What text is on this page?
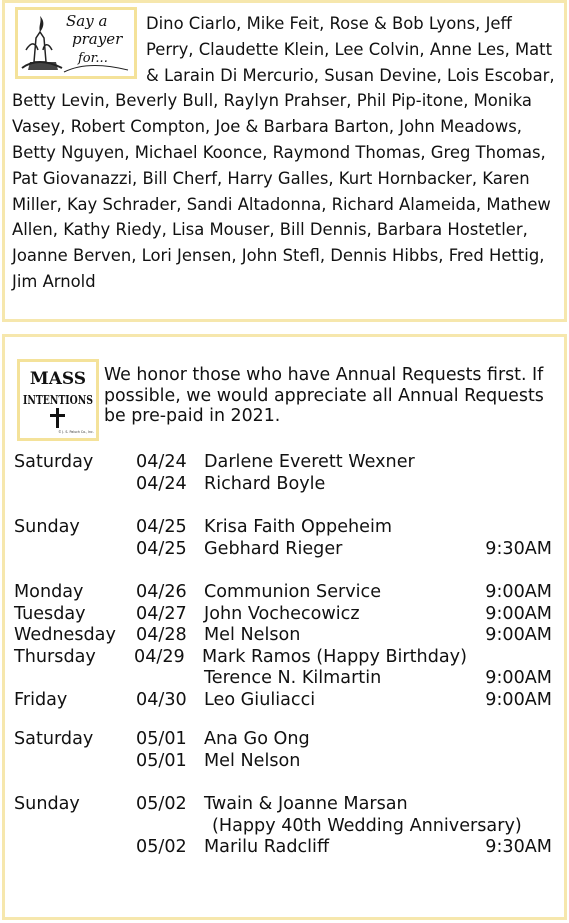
Say a
prayer
for...
Dino Ciarlo, Mike Feit, Rose & Bob Lyons, Jeff Perry, Claudette Klein, Lee Colvin, Anne Les, Matt & Larain Di Mercurio, Susan Devine, Lois Escobar, Betty Levin, Beverly Bull, Raylyn Prahser, Phil Pip-itone, Monika Vasey, Robert Compton, Joe & Barbara Barton, John Meadows, Betty Nguyen, Michael Koonce, Raymond Thomas, Greg Thomas, Pat Giovanazzi, Bill Cherf, Harry Galles, Kurt Hornbacker, Karen Miller, Kay Schrader, Sandi Altadonna, Richard Alameida, Mathew Allen, Kathy Riedy, Lisa Mouser, Bill Dennis, Barbara Hostetler, Joanne Berven, Lori Jensen, John Stefl, Dennis Hibbs, Fred Hettig, Jim Arnold
MASS
INTENTIONS
© J. S. Paluch Co., Inc.
We honor those who have Annual Requests first. If possible, we would appreciate all Annual Requests be pre-paid in 2021.
Saturday 04/24 Darlene Everett Wexner
04/24 Richard Boyle
Sunday	04/25 Krisa Faith Oppeheim
04/25 Gebhard Rieger	9:30AM
Monday	04/26 Communion Service	9:00AM
Tuesday	04/27 John Vochecowicz	9:00AM
Wednesday 04/28 Mel Nelson	9:00AM
Thursday 04/29 Mark Ramos (Happy Birthday)
Terence N. Kilmartin	9:00AM
Friday	04/30 Leo Giuliacci	9:00AM
Saturday 05/01 Ana Go Ong
05/01 Mel Nelson
Sunday	05/02 Twain & Joanne Marsan
(Happy 40th Wedding Anniversary)
05/02 Marilu Radcliff	9:30AM
